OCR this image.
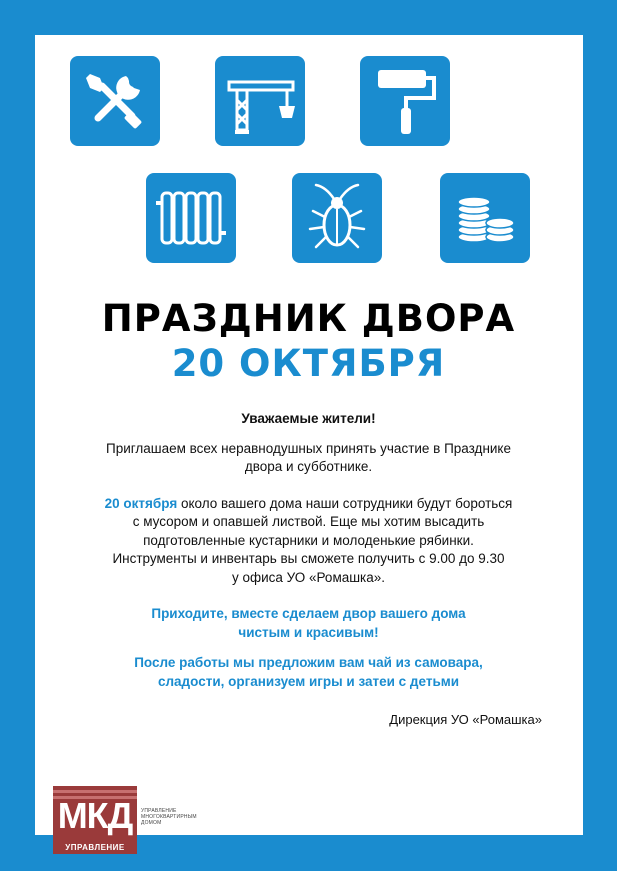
ПРАЗДНИК ДВОРА
20 ОКТЯБРЯ

Уважаемые жители!

Приглашаем всех неравнодушных принять участие в Празднике

двора и субботнике.

20 октября около вашего дома наши сотрудники будут бороться

с мусором и опавшей листвой. Еще мы хотим высадить

подготовленные кустарники и молоденькие рябинки.

Инструменты и инвентарь вы сможете получить с 9.00 до 9.30

у офиса УО «Ромашка».

Приходите, вместе сделаем двор вашего дома

чистым и красивым!

После работы мы предложим вам чай из самовара,

сладости, организуем игры и затеи с детьми

Дирекция УО «Ромашка»
МКД
УПРАВЛЕНИЕ
УПРАВЛЕНИЕ
МНОГОКВАРТИРНЫМ
ДОМОМ
